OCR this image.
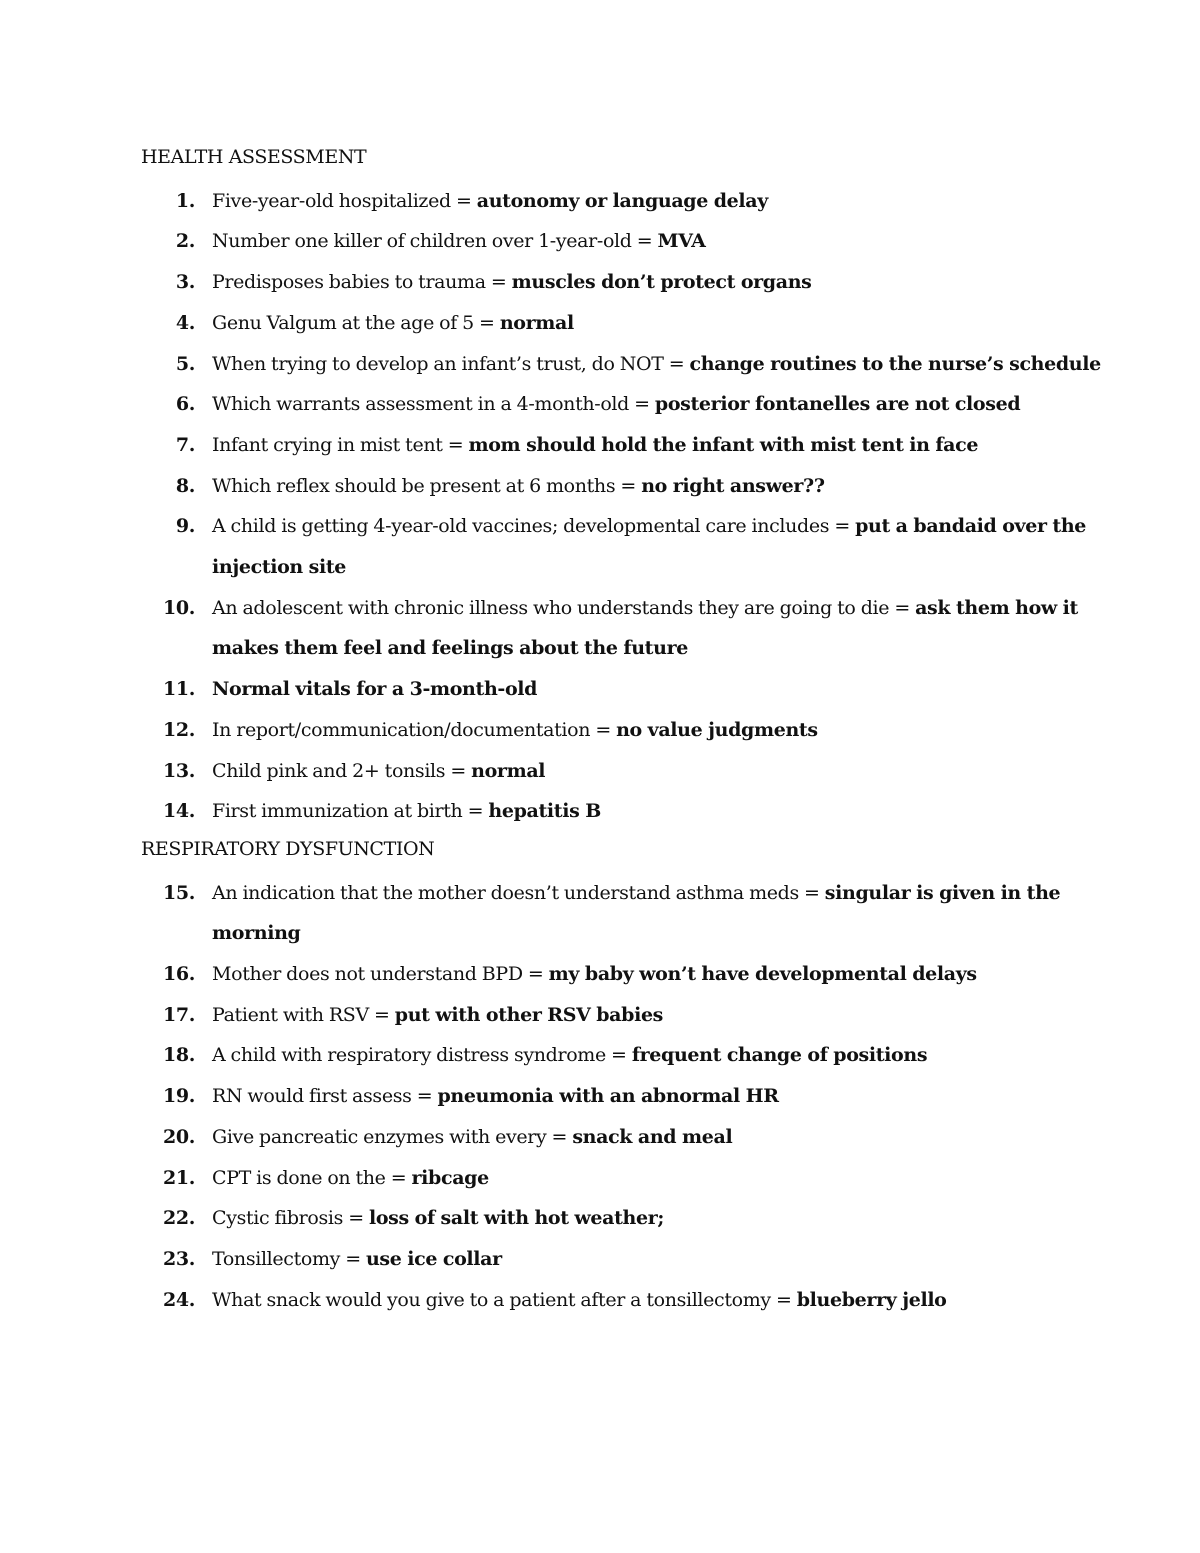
HEALTH ASSESSMENT
1. Five-year-old hospitalized = autonomy or language delay
2. Number one killer of children over 1-year-old = MVA
3. Predisposes babies to trauma = muscles don’t protect organs
4. Genu Valgum at the age of 5 = normal
5. When trying to develop an infant’s trust, do NOT = change routines to the nurse’s schedule
6. Which warrants assessment in a 4-month-old = posterior fontanelles are not closed
7. Infant crying in mist tent = mom should hold the infant with mist tent in face
8. Which reflex should be present at 6 months = no right answer??
9. A child is getting 4-year-old vaccines; developmental care includes = put a bandaid over the injection site
10. An adolescent with chronic illness who understands they are going to die = ask them how it makes them feel and feelings about the future
11. Normal vitals for a 3-month-old
12. In report/communication/documentation = no value judgments
13. Child pink and 2+ tonsils = normal
14. First immunization at birth = hepatitis B
RESPIRATORY DYSFUNCTION
15. An indication that the mother doesn’t understand asthma meds = singular is given in the morning
16. Mother does not understand BPD = my baby won’t have developmental delays
17. Patient with RSV = put with other RSV babies
18. A child with respiratory distress syndrome = frequent change of positions
19. RN would first assess = pneumonia with an abnormal HR
20. Give pancreatic enzymes with every = snack and meal
21. CPT is done on the = ribcage
22. Cystic fibrosis = loss of salt with hot weather;
23. Tonsillectomy = use ice collar
24. What snack would you give to a patient after a tonsillectomy = blueberry jello
